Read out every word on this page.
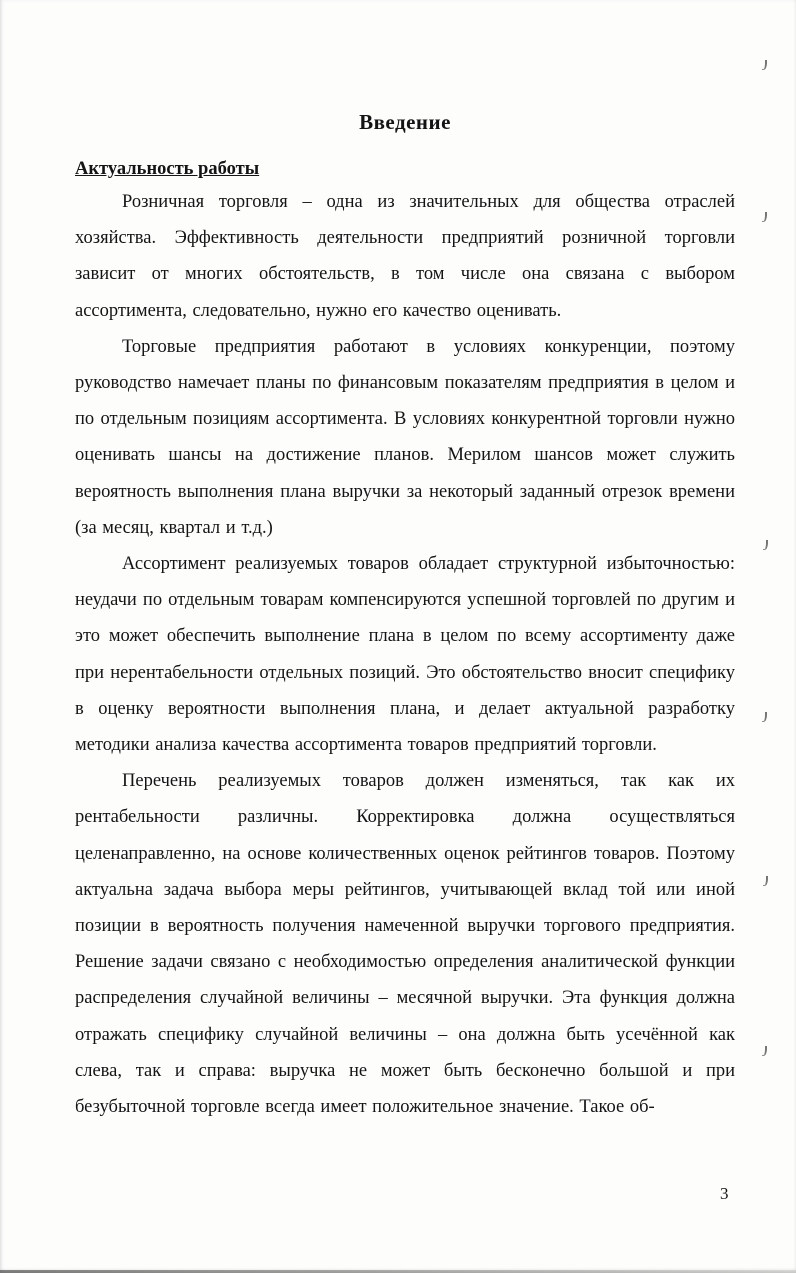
Введение
Актуальность работы

Розничная торговля – одна из значительных для общества отраслей хозяйства. Эффективность деятельности предприятий розничной торговли зависит от многих обстоятельств, в том числе она связана с выбором ассортимента, следовательно, нужно его качество оценивать.

Торговые предприятия работают в условиях конкуренции, поэтому руководство намечает планы по финансовым показателям предприятия в целом и по отдельным позициям ассортимента. В условиях конкурентной торговли нужно оценивать шансы на достижение планов. Мерилом шансов может служить вероятность выполнения плана выручки за некоторый заданный отрезок времени (за месяц, квартал и т.д.)

Ассортимент реализуемых товаров обладает структурной избыточностью: неудачи по отдельным товарам компенсируются успешной торговлей по другим и это может обеспечить выполнение плана в целом по всему ассортименту даже при нерентабельности отдельных позиций. Это обстоятельство вносит специфику в оценку вероятности выполнения плана, и делает актуальной разработку методики анализа качества ассортимента товаров предприятий торговли.

Перечень реализуемых товаров должен изменяться, так как их рентабельности различны. Корректировка должна осуществляться целенаправленно, на основе количественных оценок рейтингов товаров. Поэтому актуальна задача выбора меры рейтингов, учитывающей вклад той или иной позиции в вероятность получения намеченной выручки торгового предприятия. Решение задачи связано с необходимостью определения аналитической функции распределения случайной величины – месячной выручки. Эта функция должна отражать специфику случайной величины – она должна быть усечённой как слева, так и справа: выручка не может быть бесконечно большой и при безубыточной торговле всегда имеет положительное значение. Такое об-

3
